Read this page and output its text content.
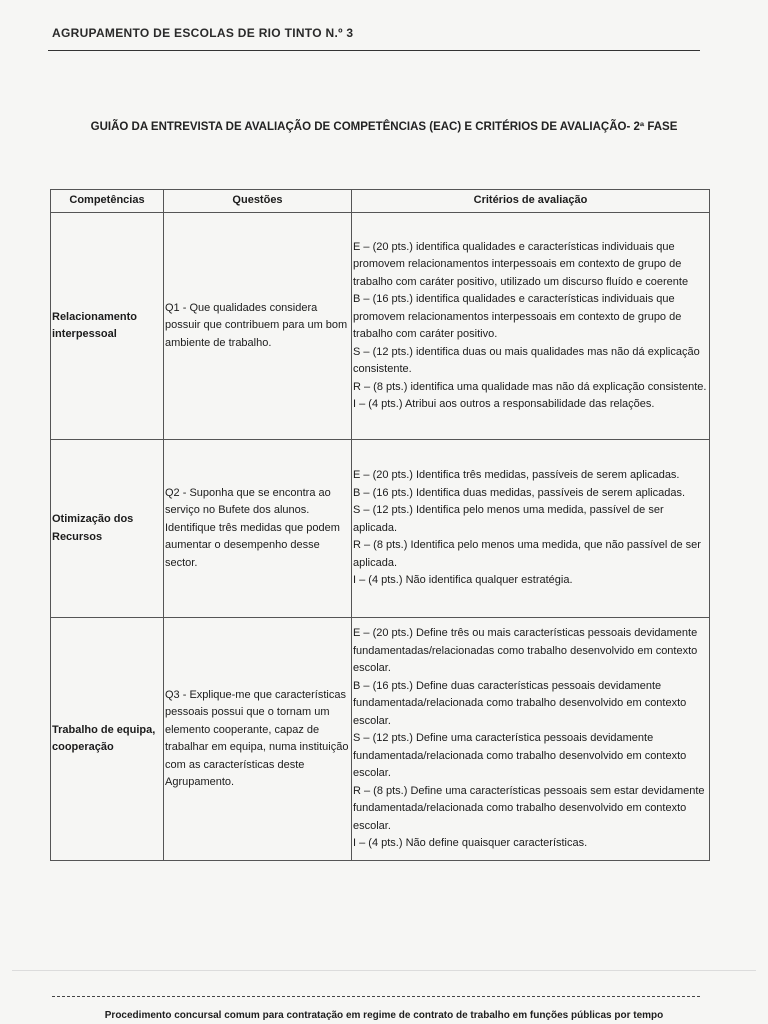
AGRUPAMENTO DE ESCOLAS DE RIO TINTO N.º 3
GUIÃO DA ENTREVISTA DE AVALIAÇÃO DE COMPETÊNCIAS (EAC) E CRITÉRIOS DE AVALIAÇÃO- 2ª FASE
Competências	Questões	Critérios de avaliação
Relacionamento interpessoal	Q1 - Que qualidades considera possuir que contribuem para um bom ambiente de trabalho.	E – (20 pts.) identifica qualidades e características individuais que promovem relacionamentos interpessoais em contexto de grupo de trabalho com caráter positivo, utilizado um discurso fluído e coerente
B – (16 pts.) identifica qualidades e características individuais que promovem relacionamentos interpessoais em contexto de grupo de trabalho com caráter positivo.
S – (12 pts.) identifica duas ou mais qualidades mas não dá explicação consistente.
R – (8 pts.) identifica uma qualidade mas não dá explicação consistente.
I – (4 pts.) Atribui aos outros a responsabilidade das relações.

Otimização dos Recursos	Q2 - Suponha que se encontra ao serviço no Bufete dos alunos. Identifique três medidas que podem aumentar o desempenho desse sector.	E – (20 pts.) Identifica três medidas, passíveis de serem aplicadas.
B – (16 pts.) Identifica duas medidas, passíveis de serem aplicadas.
S – (12 pts.) Identifica pelo menos uma medida, passível de ser aplicada.
R – (8 pts.) Identifica pelo menos uma medida, que não passível de ser aplicada.
I – (4 pts.) Não identifica qualquer estratégia.

Trabalho de equipa, cooperação	Q3 - Explique-me que características pessoais possui que o tornam um elemento cooperante, capaz de trabalhar em equipa, numa instituição com as características deste Agrupamento.	E – (20 pts.) Define três ou mais características pessoais devidamente fundamentadas/relacionadas como trabalho desenvolvido em contexto escolar.
B – (16 pts.) Define duas características pessoais devidamente fundamentada/relacionada como trabalho desenvolvido em contexto escolar.
S – (12 pts.) Define uma característica pessoais devidamente fundamentada/relacionada como trabalho desenvolvido em contexto escolar.
R – (8 pts.) Define uma características pessoais sem estar devidamente fundamentada/relacionada como trabalho desenvolvido em contexto escolar.
I – (4 pts.) Não define quaisquer características.
Procedimento concursal comum para contratação em regime de contrato de trabalho em funções públicas por tempo
